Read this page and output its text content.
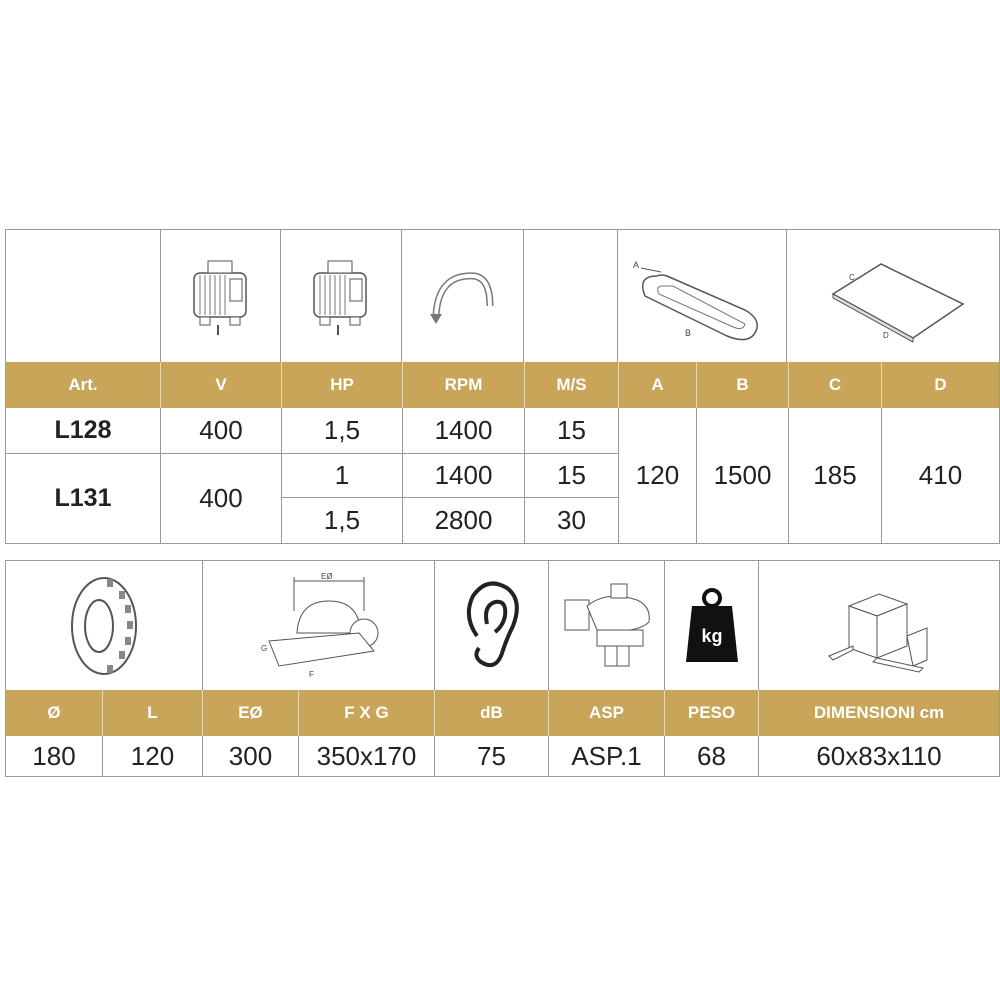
A
B
C
D
Art.	V	HP	RPM	M/S	A	B	C	D
L128	400	1,5	1400	15
L131	400
1	1400	15
1,5	2800	30
120	1500	185	410
EØ
G
F
kg
Ø	L	EØ	F X G	dB	ASP	PESO	DIMENSIONI cm
180	120	300	350x170	75	ASP.1	68	60x83x110
